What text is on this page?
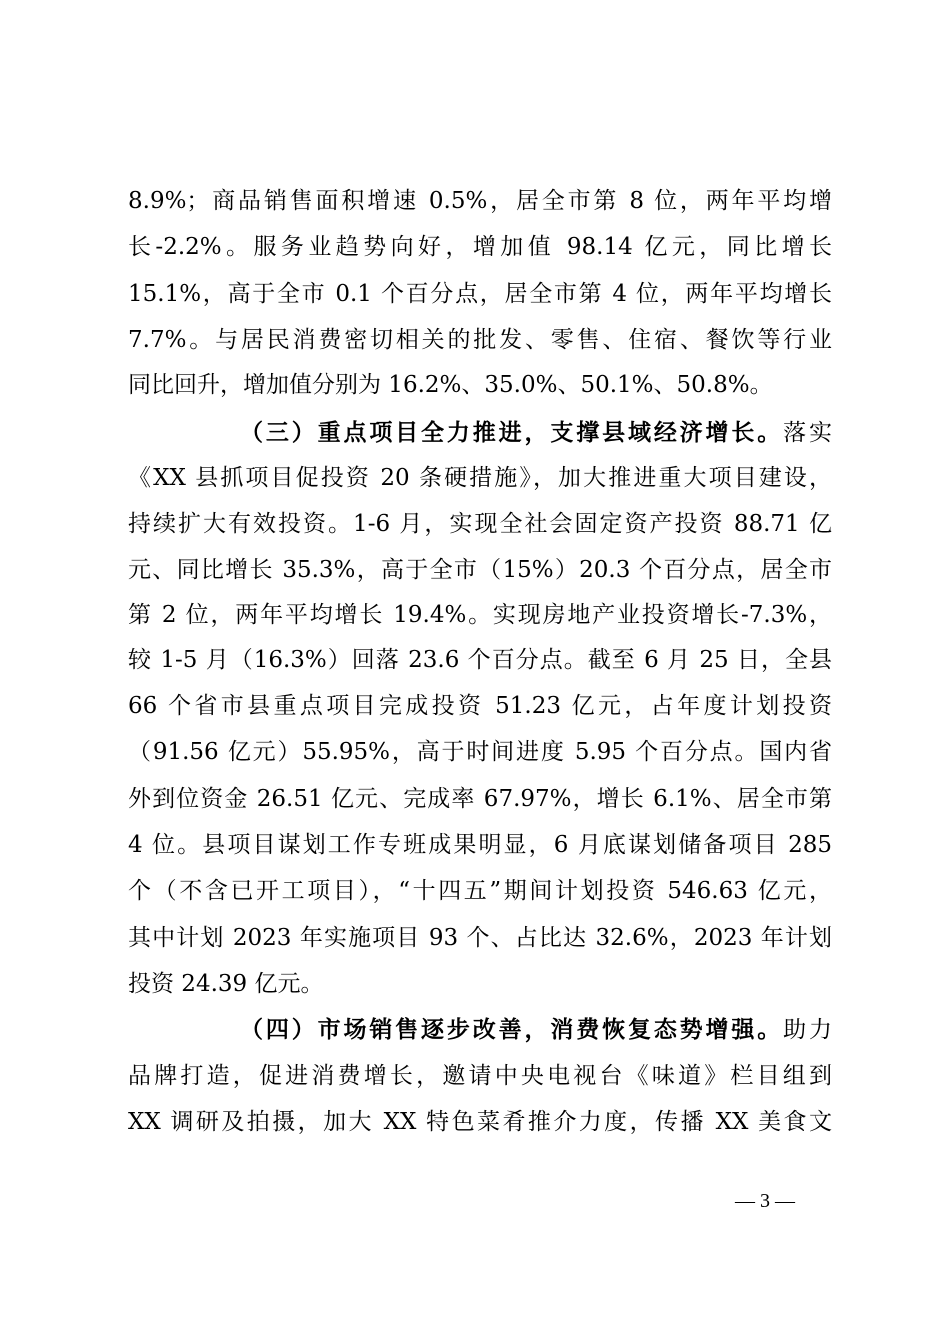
8.9%；商品销售面积增速 0.5%，居全市第 8 位，两年平均增
长-2.2%。服务业趋势向好，增加值 98.14 亿元，同比增长
15.1%，高于全市 0.1 个百分点，居全市第 4 位，两年平均增长
7.7%。与居民消费密切相关的批发、零售、住宿、餐饮等行业
同比回升，增加值分别为 16.2%、35.0%、50.1%、50.8%。
（三）重点项目全力推进，支撑县域经济增长。落实
《XX 县抓项目促投资 20 条硬措施》，加大推进重大项目建设，
持续扩大有效投资。1-6 月，实现全社会固定资产投资 88.71 亿
元、同比增长 35.3%，高于全市（15%）20.3 个百分点，居全市
第 2 位，两年平均增长 19.4%。实现房地产业投资增长-7.3%，
较 1-5 月（16.3%）回落 23.6 个百分点。截至 6 月 25 日，全县
66 个省市县重点项目完成投资 51.23 亿元，占年度计划投资
（91.56 亿元）55.95%，高于时间进度 5.95 个百分点。国内省
外到位资金 26.51 亿元、完成率 67.97%，增长 6.1%、居全市第
4 位。县项目谋划工作专班成果明显，6 月底谋划储备项目 285
个（不含已开工项目），“十四五”期间计划投资 546.63 亿元，
其中计划 2023 年实施项目 93 个、占比达 32.6%，2023 年计划
投资 24.39 亿元。
（四）市场销售逐步改善，消费恢复态势增强。助力
品牌打造，促进消费增长，邀请中央电视台《味道》栏目组到
XX 调研及拍摄，加大 XX 特色菜肴推介力度，传播 XX 美食文
— 3 —
